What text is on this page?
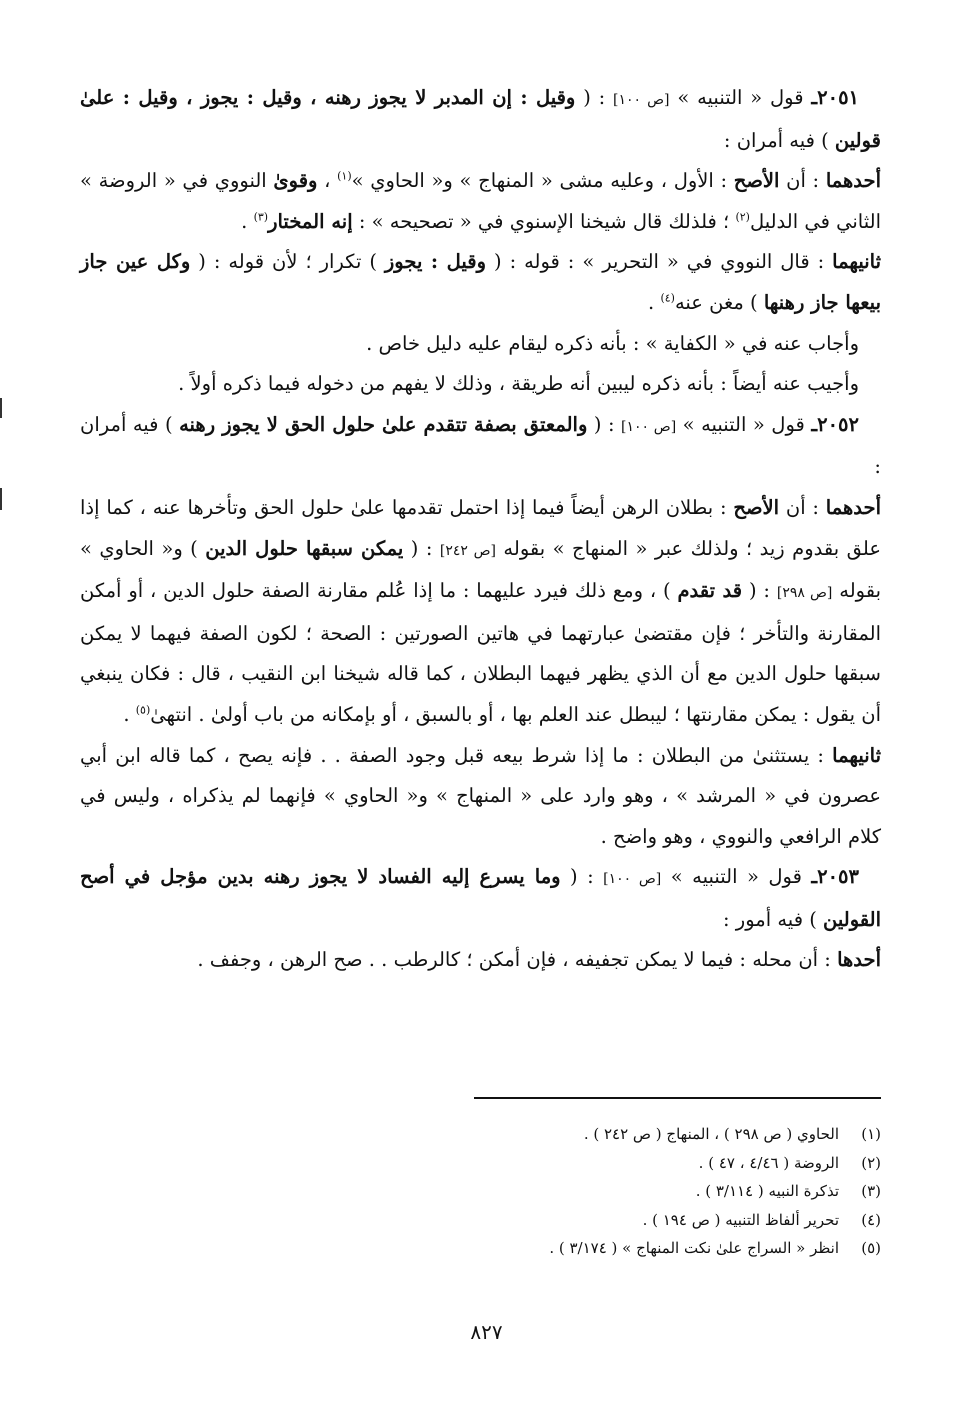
٢٠٥١ـ قول « التنبيه » [ص ١٠٠] : ( وقيل : إن المدبر لا يجوز رهنه ، وقيل : يجوز ، وقيل : علىٰ قولين ) فيه أمران :

أحدهما : أن الأصح : الأول ، وعليه مشى « المنهاج » و« الحاوي »$^{(١)}$ ، وقوىٰ النووي في « الروضة » الثاني في الدليل$^{(٢)}$ ؛ فلذلك قال شيخنا الإسنوي في « تصحيحه » : إنه المختار$^{(٣)}$ .

ثانيهما : قال النووي في « التحرير » : قوله : ( وقيل : يجوز ) تكرار ؛ لأن قوله : ( وكل عين جاز بيعها جاز رهنها ) مغن عنه$^{(٤)}$ .

وأجاب عنه في « الكفاية » : بأنه ذكره ليقام عليه دليل خاص .

وأجيب عنه أيضاً : بأنه ذكره ليبين أنه طريقة ، وذلك لا يفهم من دخوله فيما ذكره أولاً .

٢٠٥٢ـ قول « التنبيه » [ص ١٠٠] : ( والمعتق بصفة تتقدم علىٰ حلول الحق لا يجوز رهنه ) فيه أمران :

أحدهما : أن الأصح : بطلان الرهن أيضاً فيما إذا احتمل تقدمها علىٰ حلول الحق وتأخرها عنه ، كما إذا علق بقدوم زيد ؛ ولذلك عبر « المنهاج » بقوله [ص ٢٤٢] : ( يمكن سبقها حلول الدين ) و« الحاوي » بقوله [ص ٢٩٨] : ( قد تقدم ) ، ومع ذلك فيرد عليهما : ما إذا عُلم مقارنة الصفة حلول الدين ، أو أمكن المقارنة والتأخر ؛ فإن مقتضىٰ عبارتهما في هاتين الصورتين : الصحة ؛ لكون الصفة فيهما لا يمكن سبقها حلول الدين مع أن الذي يظهر فيهما البطلان ، كما قاله شيخنا ابن النقيب ، قال : فكان ينبغي أن يقول : يمكن مقارنتها ؛ ليبطل عند العلم بها ، أو بالسبق ، أو بإمكانه من باب أولىٰ . انتهىٰ$^{(٥)}$ .

ثانيهما : يستثنىٰ من البطلان : ما إذا شرط بيعه قبل وجود الصفة . . فإنه يصح ، كما قاله ابن أبي عصرون في « المرشد » ، وهو وارد على « المنهاج » و« الحاوي » فإنهما لم يذكراه ، وليس في كلام الرافعي والنووي ، وهو واضح .

٢٠٥٣ـ قول « التنبيه » [ص ١٠٠] : ( وما يسرع إليه الفساد لا يجوز رهنه بدين مؤجل في أصح القولين ) فيه أمور :

أحدها : أن محله : فيما لا يمكن تجفيفه ، فإن أمكن ؛ كالرطب . . صح الرهن ، وجفف .

(١)
الحاوي ( ص ٢٩٨ ) ، المنهاج ( ص ٢٤٢ ) .
(٢)
الروضة ( ٤/٤٦ ، ٤٧ ) .
(٣)
تذكرة النبيه ( ٣/١١٤ ) .
(٤)
تحرير ألفاظ التنبيه ( ص ١٩٤ ) .
(٥)
انظر « السراج علىٰ نكت المنهاج » ( ٣/١٧٤ ) .
٨٢٧
